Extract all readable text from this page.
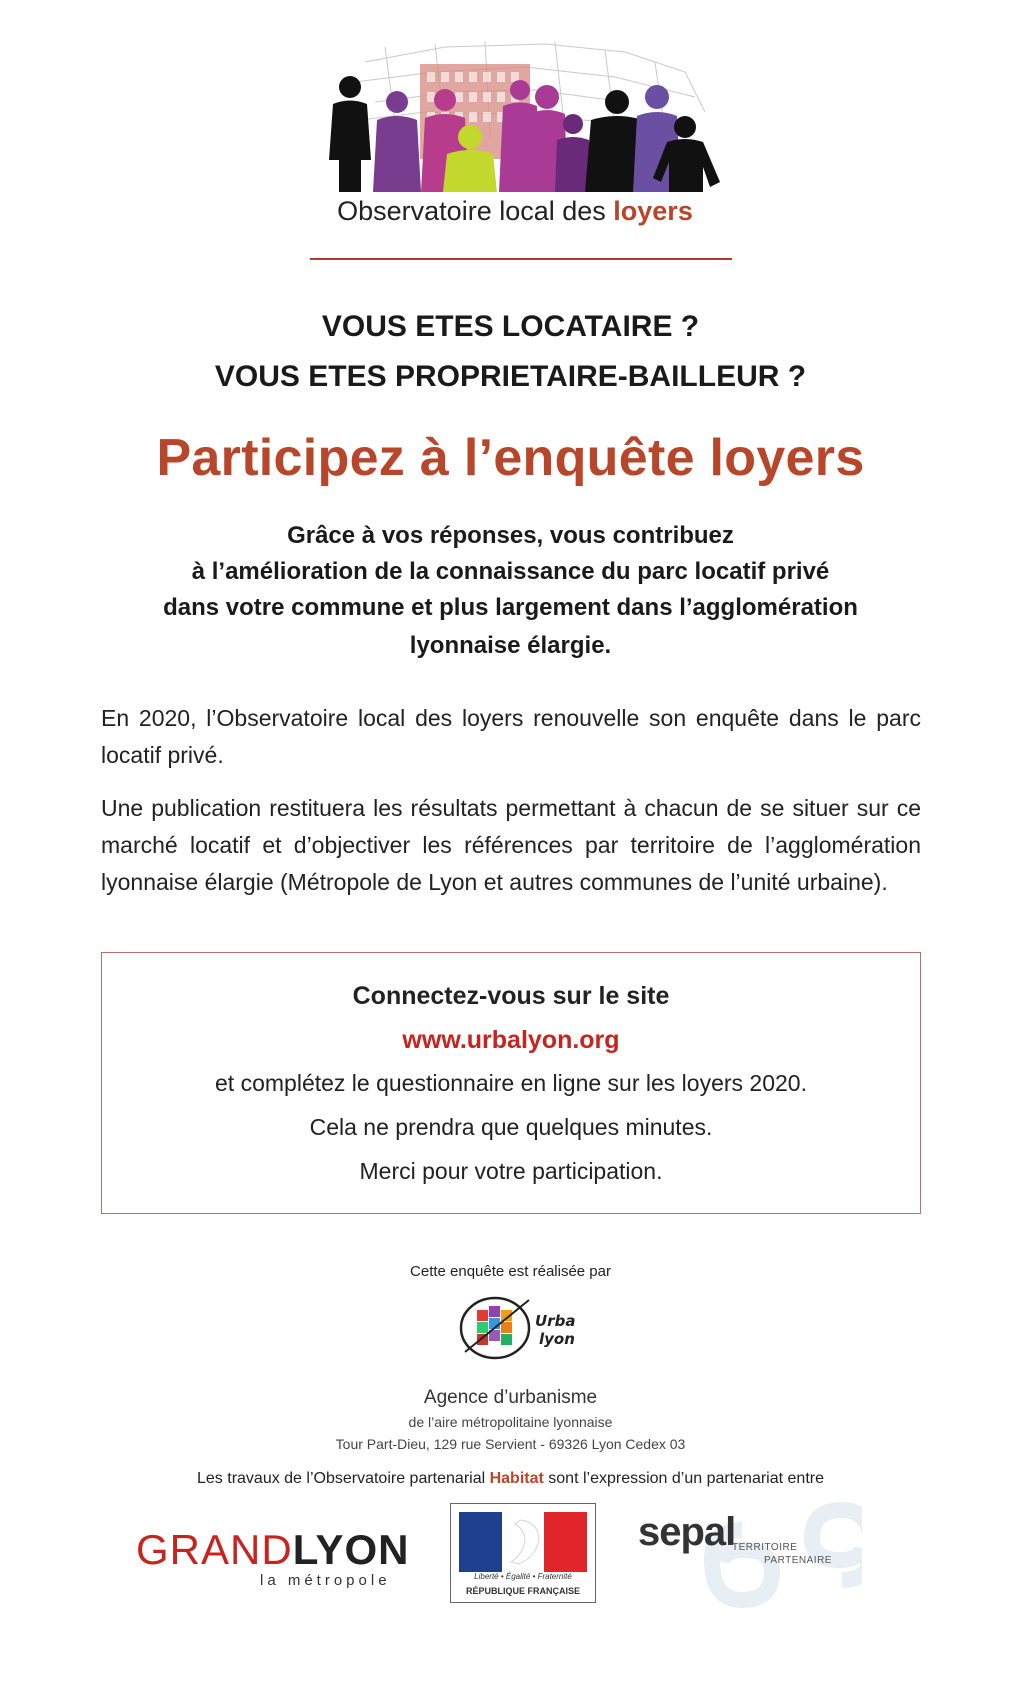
Observatoire local des loyers
VOUS ETES LOCATAIRE ?
VOUS ETES PROPRIETAIRE-BAILLEUR ?
Participez à l’enquête loyers
Grâce à vos réponses, vous contribuez
à l’amélioration de la connaissance du parc locatif privé
dans votre commune et plus largement dans l’agglomération
lyonnaise élargie.
En 2020, l’Observatoire local des loyers renouvelle son enquête dans le parc locatif privé.
Une publication restituera les résultats permettant à chacun de se situer sur ce marché locatif et d’objectiver les références par territoire de l’agglomération lyonnaise élargie (Métropole de Lyon et autres communes de l’unité urbaine).
Connectez-vous sur le site
www.urbalyon.org
et complétez le questionnaire en ligne sur les loyers 2020.
Cela ne prendra que quelques minutes.
Merci pour votre participation.
Cette enquête est réalisée par
Urba
lyon
Agence d’urbanisme
de l’aire métropolitaine lyonnaise
Tour Part-Dieu, 129 rue Servient - 69326 Lyon Cedex 03
Les travaux de l’Observatoire partenarial Habitat sont l’expression d’un partenariat entre
GRANDLYON
la métropole	Liberté • Égalité • Fraternité
RÉPUBLIQUE FRANÇAISE
sepal
TERRITOIRE
PARTENAIRE
